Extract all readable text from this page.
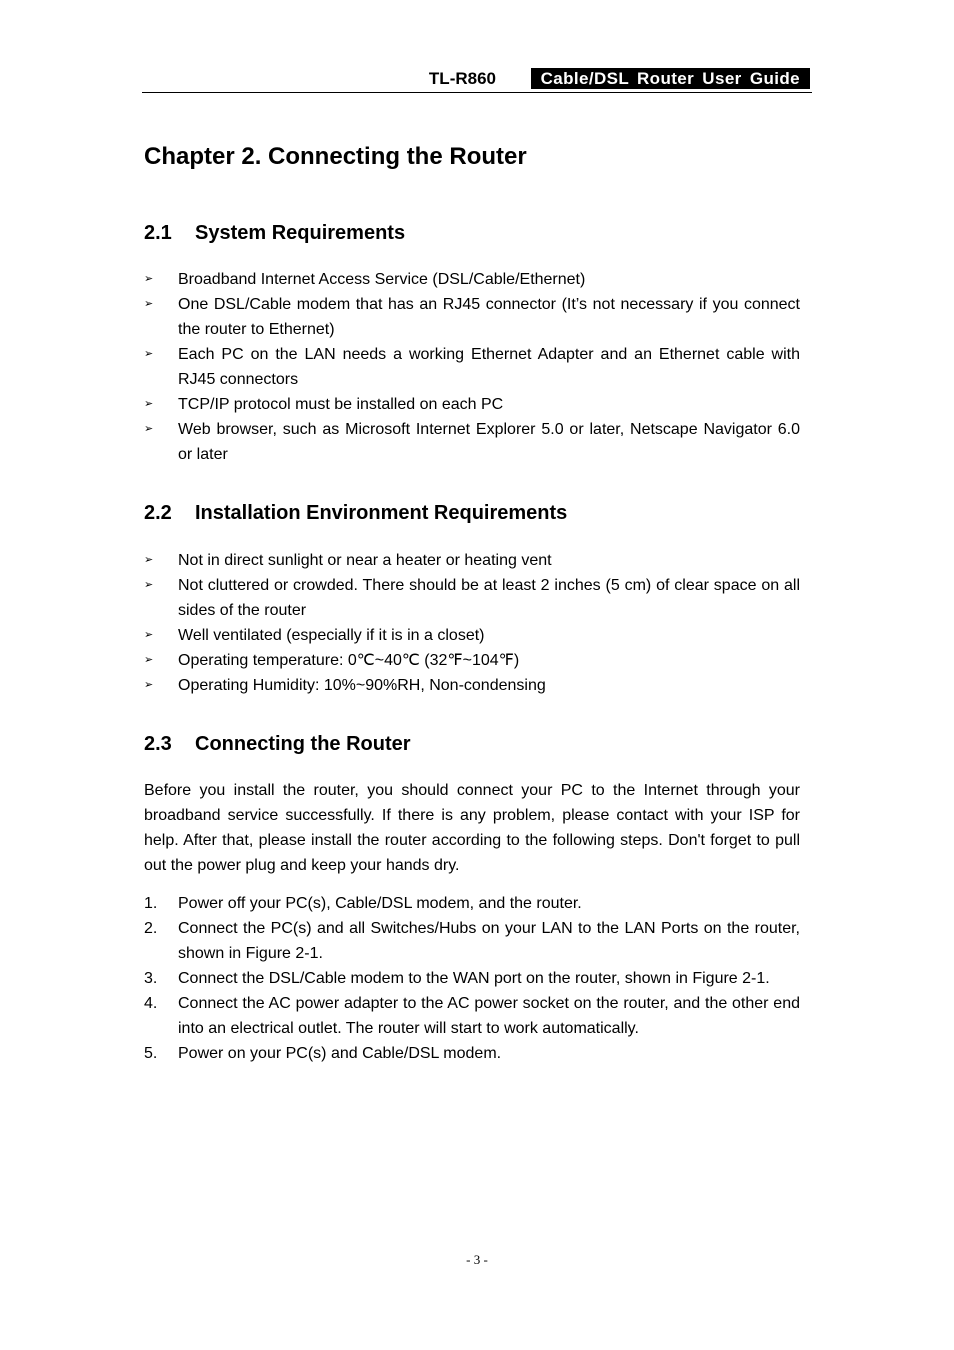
TL-R860	Cable/DSL Router User Guide
Chapter 2. Connecting the Router
2.1 System Requirements
➢ Broadband Internet Access Service (DSL/Cable/Ethernet)
➢ One DSL/Cable modem that has an RJ45 connector (It’s not necessary if you connect the router to Ethernet)
➢ Each PC on the LAN needs a working Ethernet Adapter and an Ethernet cable with RJ45 connectors
➢ TCP/IP protocol must be installed on each PC
➢ Web browser, such as Microsoft Internet Explorer 5.0 or later, Netscape Navigator 6.0 or later
2.2 Installation Environment Requirements
➢ Not in direct sunlight or near a heater or heating vent
➢ Not cluttered or crowded. There should be at least 2 inches (5 cm) of clear space on all sides of the router
➢ Well ventilated (especially if it is in a closet)
➢ Operating temperature: 0℃~40℃ (32℉~104℉)
➢ Operating Humidity: 10%~90%RH, Non-condensing
2.3 Connecting the Router

Before you install the router, you should connect your PC to the Internet through your broadband service successfully. If there is any problem, please contact with your ISP for help. After that, please install the router according to the following steps. Don't forget to pull out the power plug and keep your hands dry.

1. Power off your PC(s), Cable/DSL modem, and the router.
2. Connect the PC(s) and all Switches/Hubs on your LAN to the LAN Ports on the router, shown in Figure 2-1.
3. Connect the DSL/Cable modem to the WAN port on the router, shown in Figure 2-1.
4. Connect the AC power adapter to the AC power socket on the router, and the other end into an electrical outlet. The router will start to work automatically.
5. Power on your PC(s) and Cable/DSL modem.
- 3 -
